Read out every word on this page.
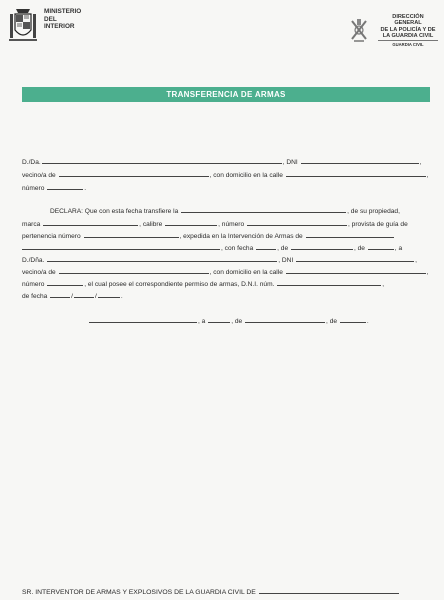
MINISTERIO
DEL INTERIOR
DIRECCIÓN GENERAL
DE LA POLICÍA Y DE
LA GUARDIA CIVIL
GUARDIA CIVIL
TRANSFERENCIA DE ARMAS
D./Da.	, DNI	,
vecino/a de	, con domicilio en la calle	,
número	.
DECLARA: Que con esta fecha transfiere la	, de su propiedad,
marca	, calibre	, número	, provista de guía de
pertenencia número	, expedida en la Intervención de Armas de
, con fecha	, de	, de	, a
D./Dña.	, DNI	,
vecino/a de	, con domicilio en la calle	,
número	, el cual posee el correspondiente permiso de armas, D.N.I. núm.	,
de fecha	/	/	.
, a	, de	, de	.
SR. INTERVENTOR DE ARMAS Y EXPLOSIVOS DE LA GUARDIA CIVIL DE
